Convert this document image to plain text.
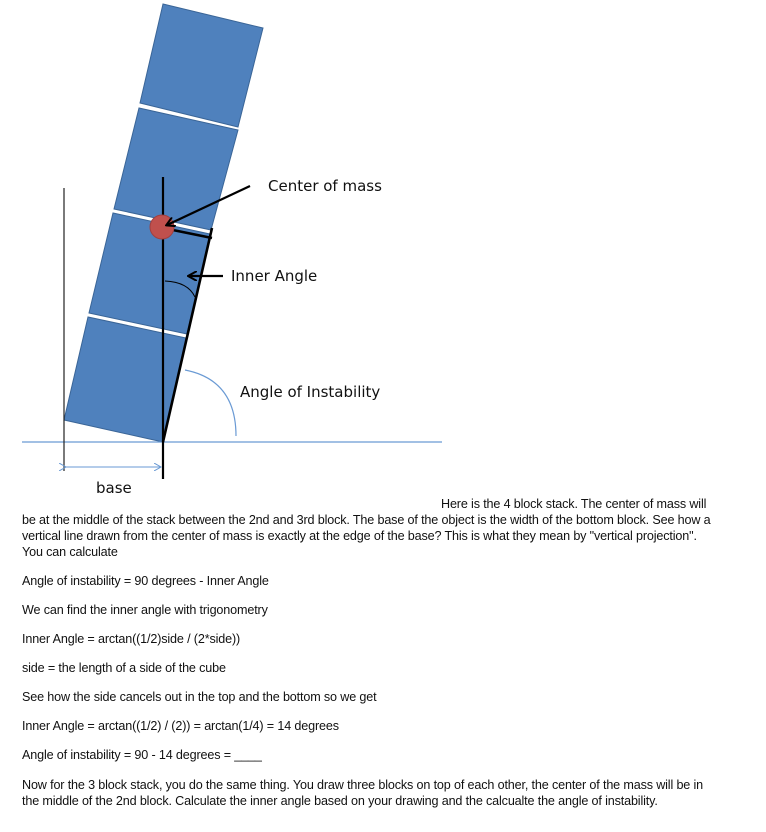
Center of mass
Inner Angle
Angle of Instability
base

Here is the 4 block stack. The center of mass will be at the middle of the stack between the 2nd and 3rd block. The base of the object is the width of the bottom block. See how a vertical line drawn from the center of mass is exactly at the edge of the base? This is what they mean by "vertical projection". You can calculate

Angle of instability = 90 degrees - Inner Angle

We can find the inner angle with trigonometry

Inner Angle = arctan((1/2)side / (2*side))

side = the length of a side of the cube

See how the side cancels out in the top and the bottom so we get

Inner Angle = arctan((1/2) / (2)) = arctan(1/4) = 14 degrees

Angle of instability = 90 - 14 degrees = ____

Now for the 3 block stack, you do the same thing. You draw three blocks on top of each other, the center of the mass will be in the middle of the 2nd block. Calculate the inner angle based on your drawing and the calcualte the angle of instability.
